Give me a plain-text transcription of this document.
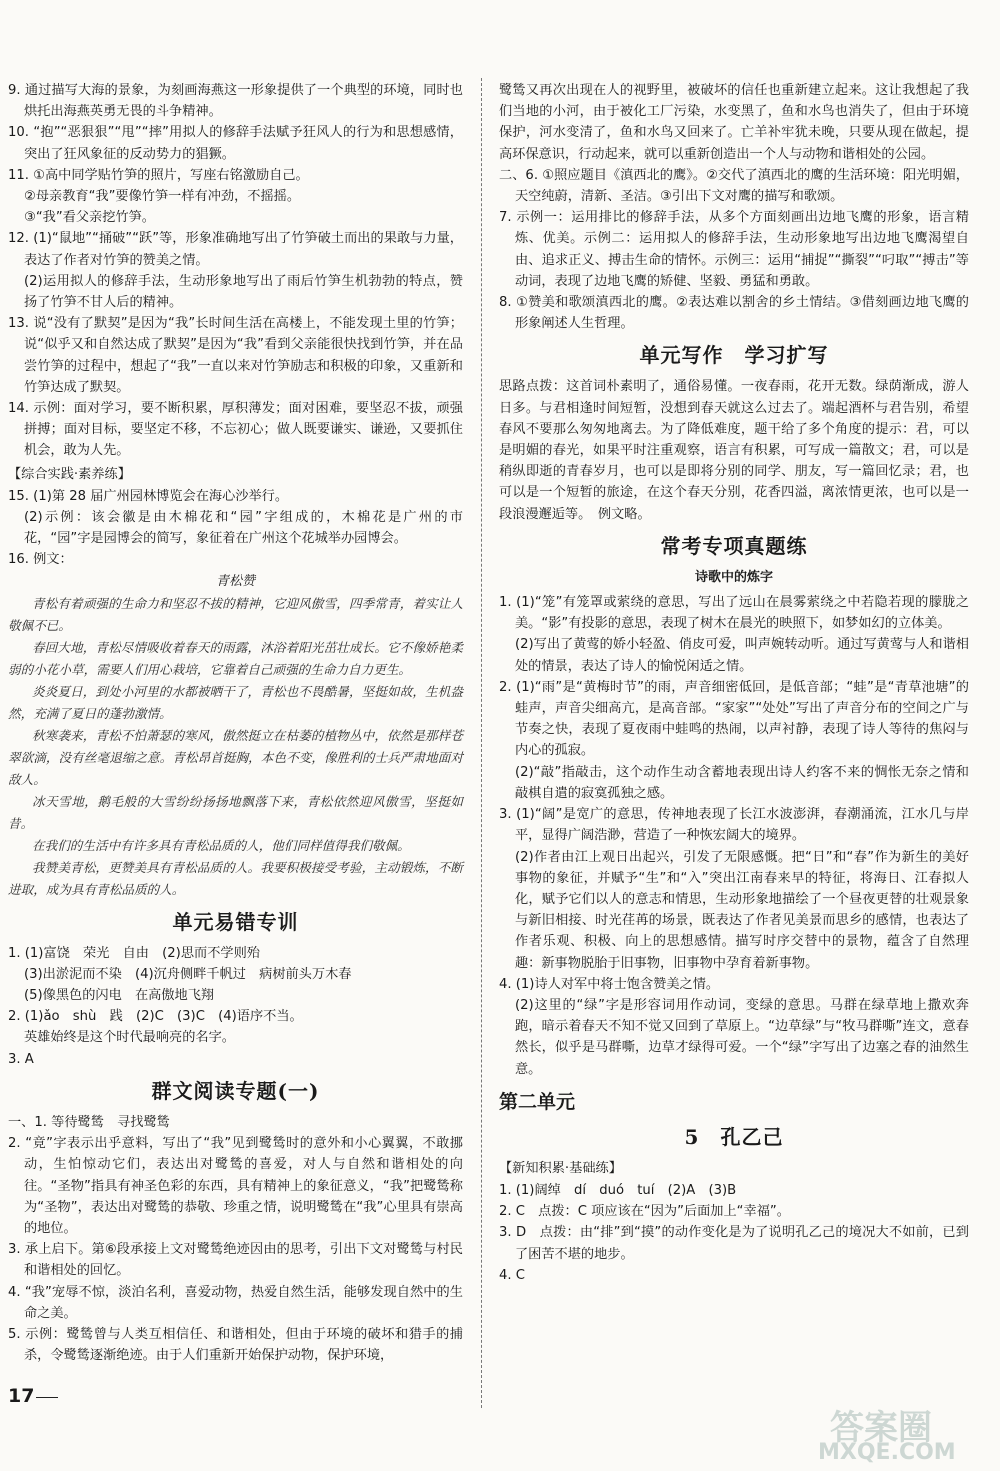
9. 通过描写大海的景象，为刻画海燕这一形象提供了一个典型的环境，同时也烘托出海燕英勇无畏的斗争精神。

10. “抱”“恶狠狠”“甩”“摔”用拟人的修辞手法赋予狂风人的行为和思想感情，突出了狂风象征的反动势力的猖獗。

11. ①高中同学贴竹笋的照片，写座右铭激励自己。

②母亲教育“我”要像竹笋一样有冲劲，不摇摇。

③“我”看父亲挖竹笋。

12. (1)“鼠地”“捅破”“跃”等，形象准确地写出了竹笋破土而出的果敢与力量，表达了作者对竹笋的赞美之情。

(2)运用拟人的修辞手法，生动形象地写出了雨后竹笋生机勃勃的特点，赞扬了竹笋不甘人后的精神。

13. 说“没有了默契”是因为“我”长时间生活在高楼上，不能发现土里的竹笋；说“似乎又和自然达成了默契”是因为“我”看到父亲能很快找到竹笋，并在品尝竹笋的过程中，想起了“我”一直以来对竹笋励志和积极的印象，又重新和竹笋达成了默契。

14. 示例：面对学习，要不断积累，厚积薄发；面对困难，要坚忍不拔，顽强拼搏；面对目标，要坚定不移，不忘初心；做人既要谦实、谦逊，又要抓住机会，敢为人先。

【综合实践·素养练】

15. (1)第 28 届广州园林博览会在海心沙举行。

(2)示例：该会徽是由木棉花和“园”字组成的，木棉花是广州的市花，“园”字是园博会的简写，象征着在广州这个花城举办园博会。

16. 例文：

青松赞

青松有着顽强的生命力和坚忍不拔的精神，它迎风傲雪，四季常青，着实让人敬佩不已。

春回大地，青松尽情吸收着春天的雨露，沐浴着阳光茁壮成长。它不像娇艳柔弱的小花小草，需要人们用心栽培，它靠着自己顽强的生命力自力更生。

炎炎夏日，到处小河里的水都被晒干了，青松也不畏酷暑，坚挺如故，生机盎然，充满了夏日的蓬勃激情。

秋寒袭来，青松不怕萧瑟的寒风，傲然挺立在枯萎的植物丛中，依然是那样苍翠欲滴，没有丝毫退缩之意。青松昂首挺胸，本色不变，像胜利的士兵严肃地面对敌人。

冰天雪地，鹅毛般的大雪纷纷扬扬地飘落下来，青松依然迎风傲雪，坚挺如昔。

在我们的生活中有许多具有青松品质的人，他们同样值得我们敬佩。

我赞美青松，更赞美具有青松品质的人。我要积极接受考验，主动锻炼，不断进取，成为具有青松品质的人。

单元易错专训

1. (1)富饶　荣光　自由　(2)思而不学则殆

(3)出淤泥而不染　(4)沉舟侧畔千帆过　病树前头万木春

(5)像黑色的闪电　在高傲地飞翔

2. (1)ǎo　shù　践　(2)C　(3)C　(4)语序不当。

英雄始终是这个时代最响亮的名字。

3. A

群文阅读专题(一)

一、1. 等待鹭鸶　寻找鹭鸶

2. “竟”字表示出乎意料，写出了“我”见到鹭鸶时的意外和小心翼翼，不敢挪动，生怕惊动它们，表达出对鹭鸶的喜爱，对人与自然和谐相处的向往。“圣物”指具有神圣色彩的东西，具有精神上的象征意义，“我”把鹭鸶称为“圣物”，表达出对鹭鸶的恭敬、珍重之情，说明鹭鸶在“我”心里具有崇高的地位。

3. 承上启下。第⑥段承接上文对鹭鸶绝迹因由的思考，引出下文对鹭鸶与村民和谐相处的回忆。

4. “我”宠辱不惊，淡泊名利，喜爱动物，热爱自然生活，能够发现自然中的生命之美。

5. 示例：鹭鸶曾与人类互相信任、和谐相处，但由于环境的破坏和猎手的捕杀，令鹭鸶逐渐绝迹。由于人们重新开始保护动物，保护环境，

鹭鸶又再次出现在人的视野里，被破坏的信任也重新建立起来。这让我想起了我们当地的小河，由于被化工厂污染，水变黑了，鱼和水鸟也消失了，但由于环境保护，河水变清了，鱼和水鸟又回来了。亡羊补牢犹未晚，只要从现在做起，提高环保意识，行动起来，就可以重新创造出一个人与动物和谐相处的公园。

二、6. ①照应题目《滇西北的鹰》。②交代了滇西北的鹰的生活环境：阳光明媚，天空纯蔚，清新、圣洁。③引出下文对鹰的描写和歌颂。

7. 示例一：运用排比的修辞手法，从多个方面刻画出边地飞鹰的形象，语言精炼、优美。示例二：运用拟人的修辞手法，生动形象地写出边地飞鹰渴望自由、追求正义、搏击生命的情怀。示例三：运用“捕捉”“撕裂”“叼取”“搏击”等动词，表现了边地飞鹰的矫健、坚毅、勇猛和勇敢。

8. ①赞美和歌颂滇西北的鹰。②表达难以割舍的乡土情结。③借刻画边地飞鹰的形象阐述人生哲理。

单元写作　学习扩写

思路点拨：这首词朴素明了，通俗易懂。一夜春雨，花开无数。绿荫渐成，游人日多。与君相逢时间短暂，没想到春天就这么过去了。端起酒杯与君告别，希望春风不要那么匆匆地离去。为了降低难度，题干给了多个角度的提示：君，可以是明媚的春光，如果平时注重观察，语言有积累，可写成一篇散文；君，可以是稍纵即逝的青春岁月，也可以是即将分别的同学、朋友，写一篇回忆录；君，也可以是一个短暂的旅途，在这个春天分别，花香四溢，离浓情更浓，也可以是一段浪漫邂逅等。　例文略。

常考专项真题练

诗歌中的炼字

1. (1)“笼”有笼罩或萦绕的意思，写出了远山在晨雾萦绕之中若隐若现的朦胧之美。“影”有投影的意思，表现了树木在晨光的映照下，如梦如幻的立体美。

(2)写出了黄莺的娇小轻盈、俏皮可爱，叫声婉转动听。通过写黄莺与人和谐相处的情景，表达了诗人的愉悦闲适之情。

2. (1)“雨”是“黄梅时节”的雨，声音细密低回，是低音部；“蛙”是“青草池塘”的蛙声，声音尖细高亢，是高音部。“家家”“处处”写出了声音分布的空间之广与节奏之快，表现了夏夜雨中蛙鸣的热闹，以声衬静，表现了诗人等待的焦闷与内心的孤寂。

(2)“敲”指敲击，这个动作生动含蓄地表现出诗人约客不来的惆怅无奈之情和敲棋自遣的寂寞孤独之感。

3. (1)“阔”是宽广的意思，传神地表现了长江水波澎湃，春潮涌流，江水几与岸平，显得广阔浩渺，营造了一种恢宏阔大的境界。

(2)作者由江上观日出起兴，引发了无限感慨。把“日”和“春”作为新生的美好事物的象征，并赋予“生”和“入”突出江南春来早的特征，将海日、江春拟人化，赋予它们以人的意志和情思，生动形象地描绘了一个昼夜更替的壮观景象与新旧相接、时光荏苒的场景，既表达了作者见美景而思乡的感情，也表达了作者乐观、积极、向上的思想感情。描写时序交替中的景物，蕴含了自然理趣：新事物脱胎于旧事物，旧事物中孕育着新事物。

4. (1)诗人对军中将士饱含赞美之情。

(2)这里的“绿”字是形容词用作动词，变绿的意思。马群在绿草地上撒欢奔跑，暗示着春天不知不觉又回到了草原上。“边草绿”与“牧马群嘶”连文，意春然长，似乎是马群嘶，边草才绿得可爱。一个“绿”字写出了边塞之春的油然生意。

第二单元

5　孔乙己

【新知积累·基础练】

1. (1)阔绰　dí　duó　tuí　(2)A　(3)B

2. C　点拨：C 项应该在“因为”后面加上“幸福”。

3. D　点拨：由“排”到“摸”的动作变化是为了说明孔乙己的境况大不如前，已到了困苦不堪的地步。

4. C

17
答案圈
MXQE.COM
